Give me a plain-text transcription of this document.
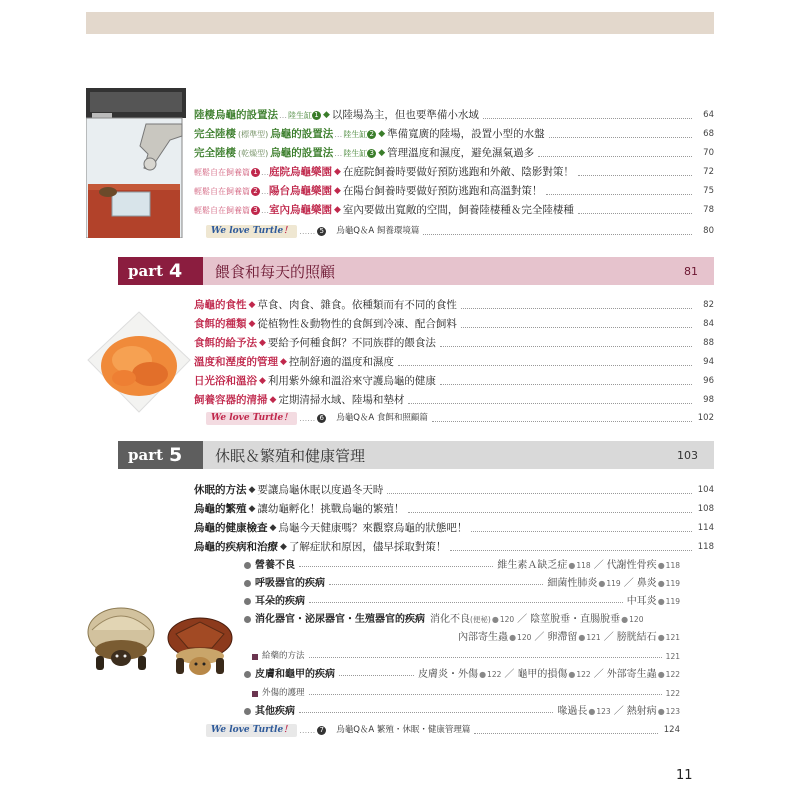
陸棲烏龜的設置法 … 陸生缸 1 ◆ 以陸場為主，但也要準備小水域	64
完全陸棲 (標準型) 烏龜的設置法 … 陸生缸 2 ◆ 準備寬廣的陸場，設置小型的水盤	68
完全陸棲 (乾燥型) 烏龜的設置法 … 陸生缸 3 ◆ 管理溫度和濕度，避免濕氣過多	70
輕鬆自在飼養篇 1 … 庭院烏龜樂園 ◆ 在庭院飼養時要做好預防逃跑和外敵、陰影對策！	72
輕鬆自在飼養篇 2 … 陽台烏龜樂園 ◆ 在陽台飼養時要做好預防逃跑和高溫對策！	75
輕鬆自在飼養篇 3 … 室內烏龜樂園 ◆ 室內要做出寬敞的空間，飼養陸棲種＆完全陸棲種	78
We love Turtle！ …… 5 烏龜Q＆A 飼養環境篇	80
part 4 餵食和每天的照顧	81
烏龜的食性 ◆ 草食、肉食、雜食。依種類而有不同的食性	82
食餌的種類 ◆ 從植物性＆動物性的食餌到冷凍、配合飼料	84
食餌的給予法 ◆ 要給予何種食餌？不同族群的餵食法	88
溫度和溼度的管理 ◆ 控制舒適的溫度和濕度	94
日光浴和溫浴 ◆ 利用紫外線和溫浴來守護烏龜的健康	96
飼養容器的清掃 ◆ 定期清掃水域、陸場和墊材	98
We love Turtle！ …… 6 烏龜Q＆A 食餌和照顧篇	102
part 5 休眠＆繁殖和健康管理	103
休眠的方法 ◆ 要讓烏龜休眠以度過冬天時	104
烏龜的繁殖 ◆ 讓幼龜孵化！挑戰烏龜的繁殖！	108
烏龜的健康檢查 ◆ 烏龜今天健康嗎？來觀察烏龜的狀態吧！	114
烏龜的疾病和治療 ◆ 了解症狀和原因，儘早採取對策！	118
營養不良	維生素Ａ缺乏症 ● 118 ／ 代謝性骨疾 ● 118
呼吸器官的疾病	細菌性肺炎 ● 119 ／ 鼻炎 ● 119
耳朵的疾病	中耳炎 ● 119
消化器官・泌尿器官・生殖器官的疾病 消化不良 (便秘) ● 120 ／ 陰莖脫垂・直腸脫垂 ● 120
內部寄生蟲 ● 120 ／ 卵滯留 ● 121 ／ 膀胱結石 ● 121
給藥的方法	121
皮膚和龜甲的疾病	皮膚炎・外傷 ● 122 ／ 龜甲的損傷 ● 122 ／ 外部寄生蟲 ● 122
外傷的護理	122
其他疾病	喙過長 ● 123 ／ 熱射病 ● 123
We love Turtle！ …… 7 烏龜Q＆A 繁殖・休眠・健康管理篇	124
11
